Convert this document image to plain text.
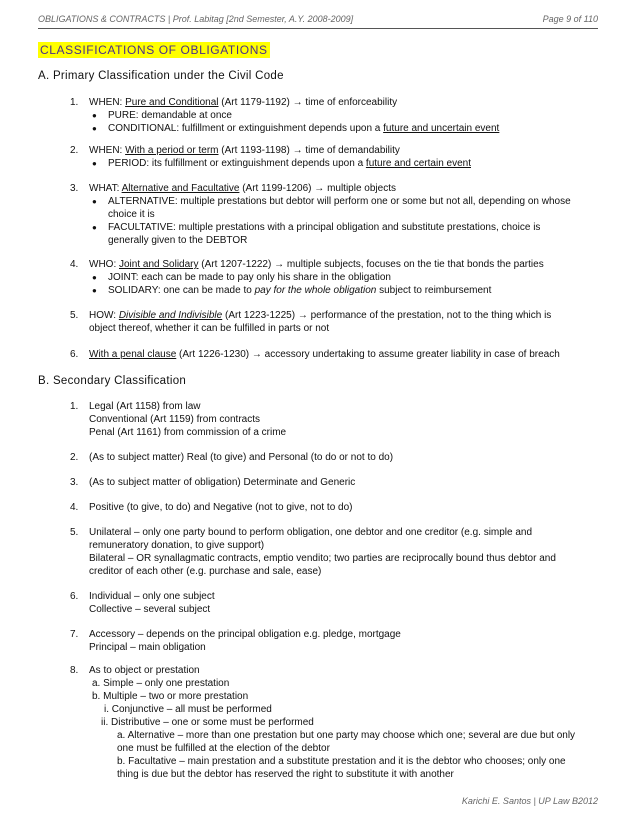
OBLIGATIONS & CONTRACTS | Prof. Labitag [2nd Semester, A.Y. 2008-2009]	Page 9 of 110
CLASSIFICATIONS OF OBLIGATIONS
A. Primary Classification under the Civil Code
1. WHEN: Pure and Conditional (Art 1179-1192) → time of enforceability
● PURE: demandable at once
● CONDITIONAL: fulfillment or extinguishment depends upon a future and uncertain event
2. WHEN: With a period or term (Art 1193-1198) → time of demandability
● PERIOD: its fulfillment or extinguishment depends upon a future and certain event
3. WHAT: Alternative and Facultative (Art 1199-1206) → multiple objects
● ALTERNATIVE: multiple prestations but debtor will perform one or some but not all, depending on whose
choice it is
● FACULTATIVE: multiple prestations with a principal obligation and substitute prestations, choice is
generally given to the DEBTOR
4. WHO: Joint and Solidary (Art 1207-1222) → multiple subjects, focuses on the tie that bonds the parties
● JOINT: each can be made to pay only his share in the obligation
● SOLIDARY: one can be made to pay for the whole obligation subject to reimbursement
5. HOW: Divisible and Indivisible (Art 1223-1225) → performance of the prestation, not to the thing which is
object thereof, whether it can be fulfilled in parts or not
6. With a penal clause (Art 1226-1230) → accessory undertaking to assume greater liability in case of breach
B. Secondary Classification
1. Legal (Art 1158) from law
Conventional (Art 1159) from contracts
Penal (Art 1161) from commission of a crime
2. (As to subject matter) Real (to give) and Personal (to do or not to do)
3. (As to subject matter of obligation) Determinate and Generic
4. Positive (to give, to do) and Negative (not to give, not to do)
5. Unilateral – only one party bound to perform obligation, one debtor and one creditor (e.g. simple and
remuneratory donation, to give support)
Bilateral – OR synallagmatic contracts, emptio vendito; two parties are reciprocally bound thus debtor and
creditor of each other (e.g. purchase and sale, ease)
6. Individual – only one subject
Collective – several subject
7. Accessory – depends on the principal obligation e.g. pledge, mortgage
Principal – main obligation
8. As to object or prestation
a. Simple – only one prestation
b. Multiple – two or more prestation
i. Conjunctive – all must be performed
ii. Distributive – one or some must be performed
a. Alternative – more than one prestation but one party may choose which one; several are due but only
one must be fulfilled at the election of the debtor
b. Facultative – main prestation and a substitute prestation and it is the debtor who chooses; only one
thing is due but the debtor has reserved the right to substitute it with another
Karichi E. Santos | UP Law B2012
